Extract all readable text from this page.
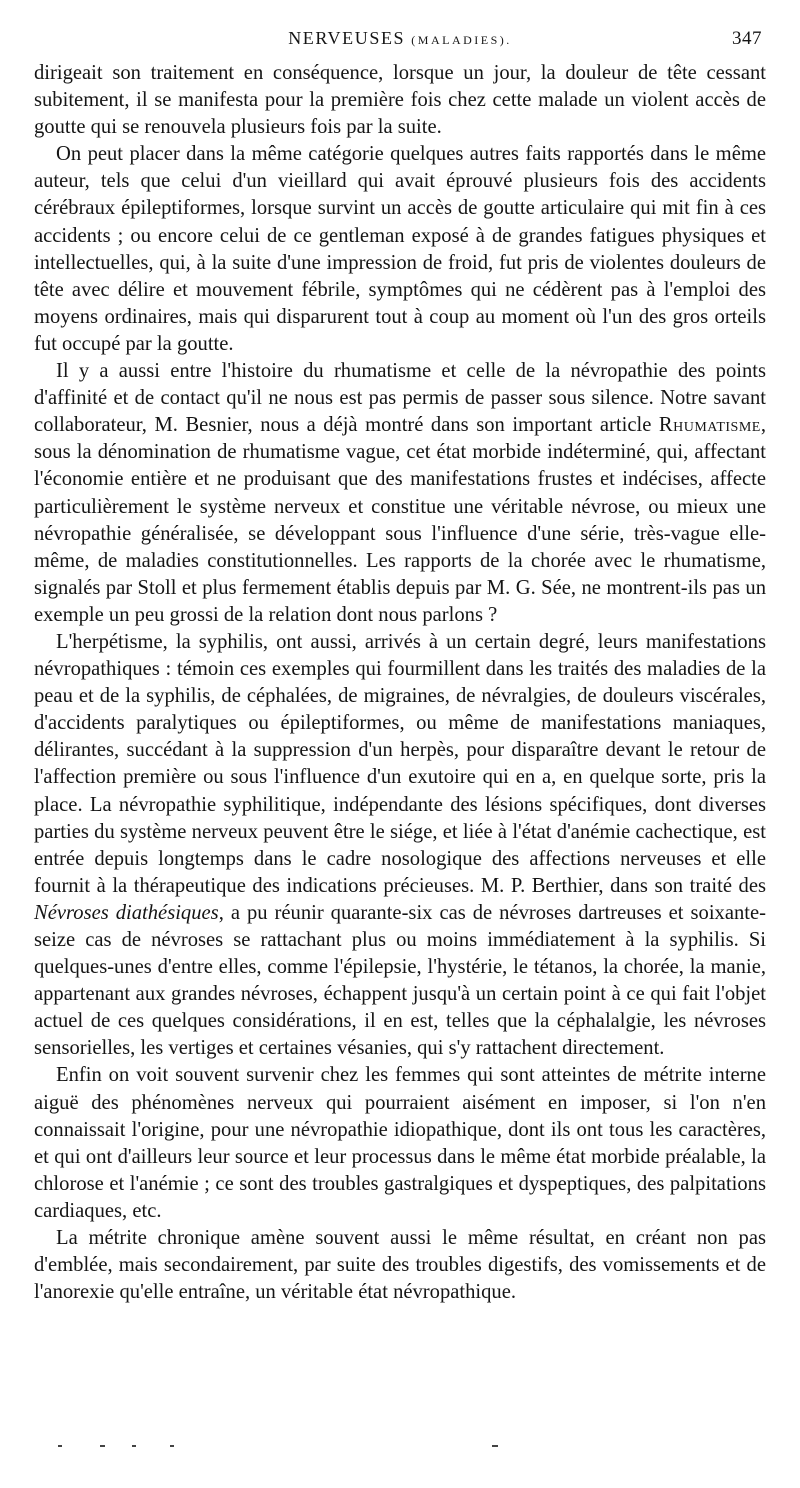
NERVEUSES (MALADIES).	347

dirigeait son traitement en conséquence, lorsque un jour, la douleur de tête cessant subitement, il se manifesta pour la première fois chez cette malade un violent accès de goutte qui se renouvela plusieurs fois par la suite.

On peut placer dans la même catégorie quelques autres faits rapportés dans le même auteur, tels que celui d'un vieillard qui avait éprouvé plusieurs fois des accidents cérébraux épileptiformes, lorsque survint un accès de goutte articulaire qui mit fin à ces accidents ; ou encore celui de ce gentleman exposé à de grandes fatigues physiques et intellectuelles, qui, à la suite d'une impression de froid, fut pris de violentes douleurs de tête avec délire et mouvement fébrile, symptômes qui ne cédèrent pas à l'emploi des moyens ordinaires, mais qui disparurent tout à coup au moment où l'un des gros orteils fut occupé par la goutte.

Il y a aussi entre l'histoire du rhumatisme et celle de la névropathie des points d'affinité et de contact qu'il ne nous est pas permis de passer sous silence. Notre savant collaborateur, M. Besnier, nous a déjà montré dans son important article Rhumatisme, sous la dénomination de rhumatisme vague, cet état morbide indéterminé, qui, affectant l'économie entière et ne produisant que des manifestations frustes et indécises, affecte particulièrement le système nerveux et constitue une véritable névrose, ou mieux une névropathie généralisée, se développant sous l'influence d'une série, très-vague elle-même, de maladies constitutionnelles. Les rapports de la chorée avec le rhumatisme, signalés par Stoll et plus fermement établis depuis par M. G. Sée, ne montrent-ils pas un exemple un peu grossi de la relation dont nous parlons ?

L'herpétisme, la syphilis, ont aussi, arrivés à un certain degré, leurs manifestations névropathiques : témoin ces exemples qui fourmillent dans les traités des maladies de la peau et de la syphilis, de céphalées, de migraines, de névralgies, de douleurs viscérales, d'accidents paralytiques ou épileptiformes, ou même de manifestations maniaques, délirantes, succédant à la suppression d'un herpès, pour disparaître devant le retour de l'affection première ou sous l'influence d'un exutoire qui en a, en quelque sorte, pris la place. La névropathie syphilitique, indépendante des lésions spécifiques, dont diverses parties du système nerveux peuvent être le siége, et liée à l'état d'anémie cachectique, est entrée depuis longtemps dans le cadre nosologique des affections nerveuses et elle fournit à la thérapeutique des indications précieuses. M. P. Berthier, dans son traité des Névroses diathésiques, a pu réunir quarante-six cas de névroses dartreuses et soixante-seize cas de névroses se rattachant plus ou moins immédiatement à la syphilis. Si quelques-unes d'entre elles, comme l'épilepsie, l'hystérie, le tétanos, la chorée, la manie, appartenant aux grandes névroses, échappent jusqu'à un certain point à ce qui fait l'objet actuel de ces quelques considérations, il en est, telles que la céphalalgie, les névroses sensorielles, les vertiges et certaines vésanies, qui s'y rattachent directement.

Enfin on voit souvent survenir chez les femmes qui sont atteintes de métrite interne aiguë des phénomènes nerveux qui pourraient aisément en imposer, si l'on n'en connaissait l'origine, pour une névropathie idiopathique, dont ils ont tous les caractères, et qui ont d'ailleurs leur source et leur processus dans le même état morbide préalable, la chlorose et l'anémie ; ce sont des troubles gastralgiques et dyspeptiques, des palpitations cardiaques, etc.

La métrite chronique amène souvent aussi le même résultat, en créant non pas d'emblée, mais secondairement, par suite des troubles digestifs, des vomissements et de l'anorexie qu'elle entraîne, un véritable état névropathique.
